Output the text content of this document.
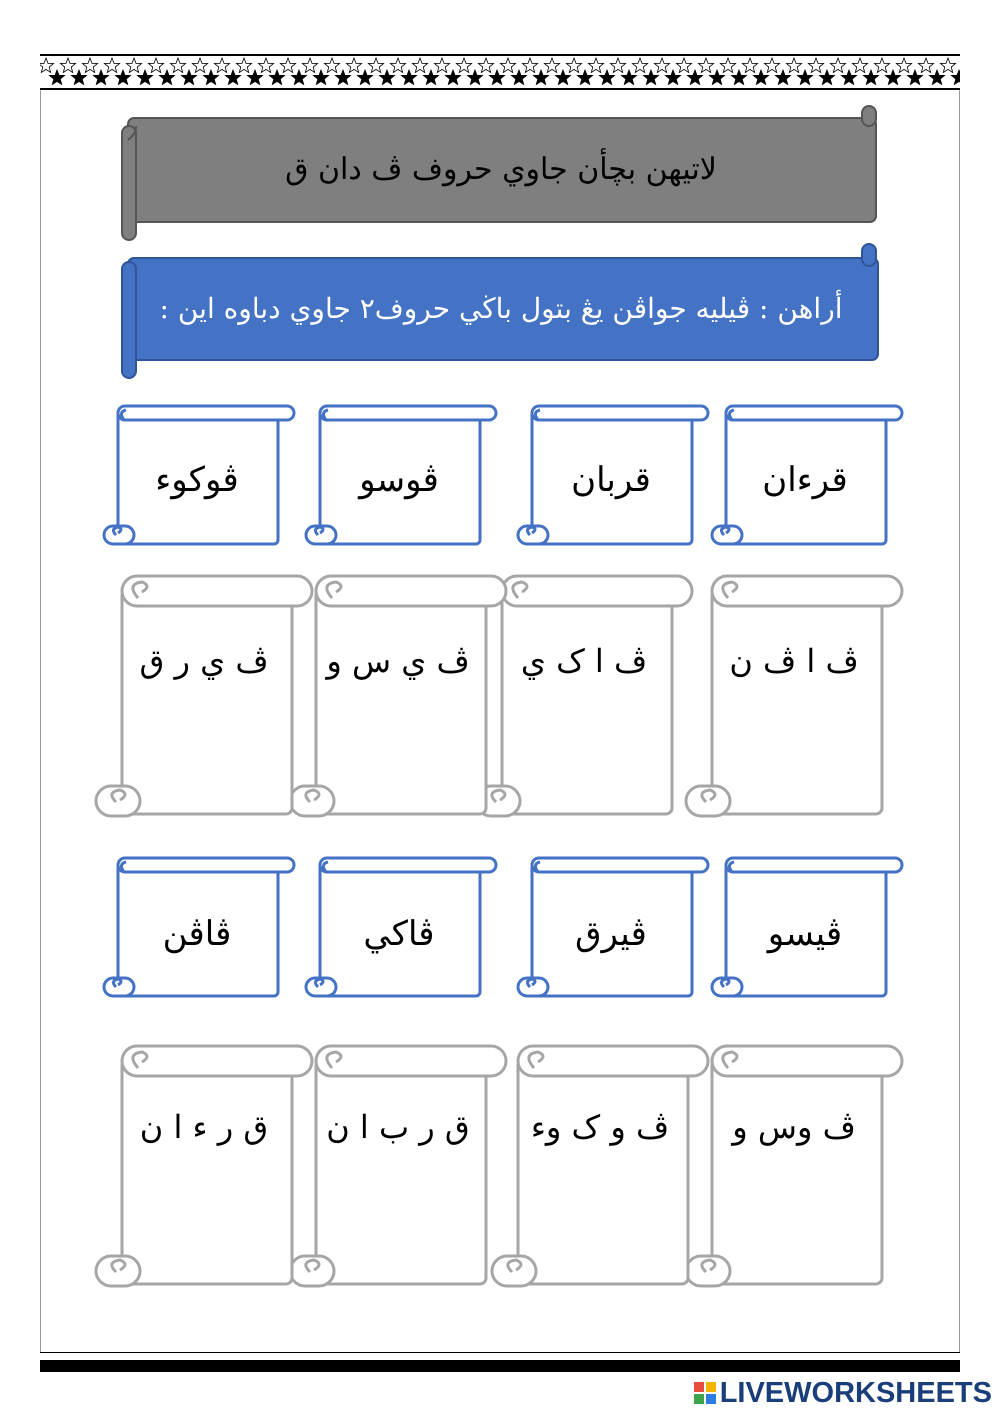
لاتيهن بچأن جاوي حروف ڤ دان ق
أراهن : ڤيليه جواڤن يڠ بتول باڬي حروف٢ جاوي دباوه اين :
قرءان
قربان
ڤوسو
ڤوکوء
ڤ ا ڤ ن
ڤ ا ک ي
ڤ ي س و
ڤ ي ر ق
ڤيسو
ڤيرق
ڤاکي
ڤاڤن
ڤ وس و
ڤ و ک وء
ق ر ب ا ن
ق ر ء ا ن
LIVEWORKSHEETS
